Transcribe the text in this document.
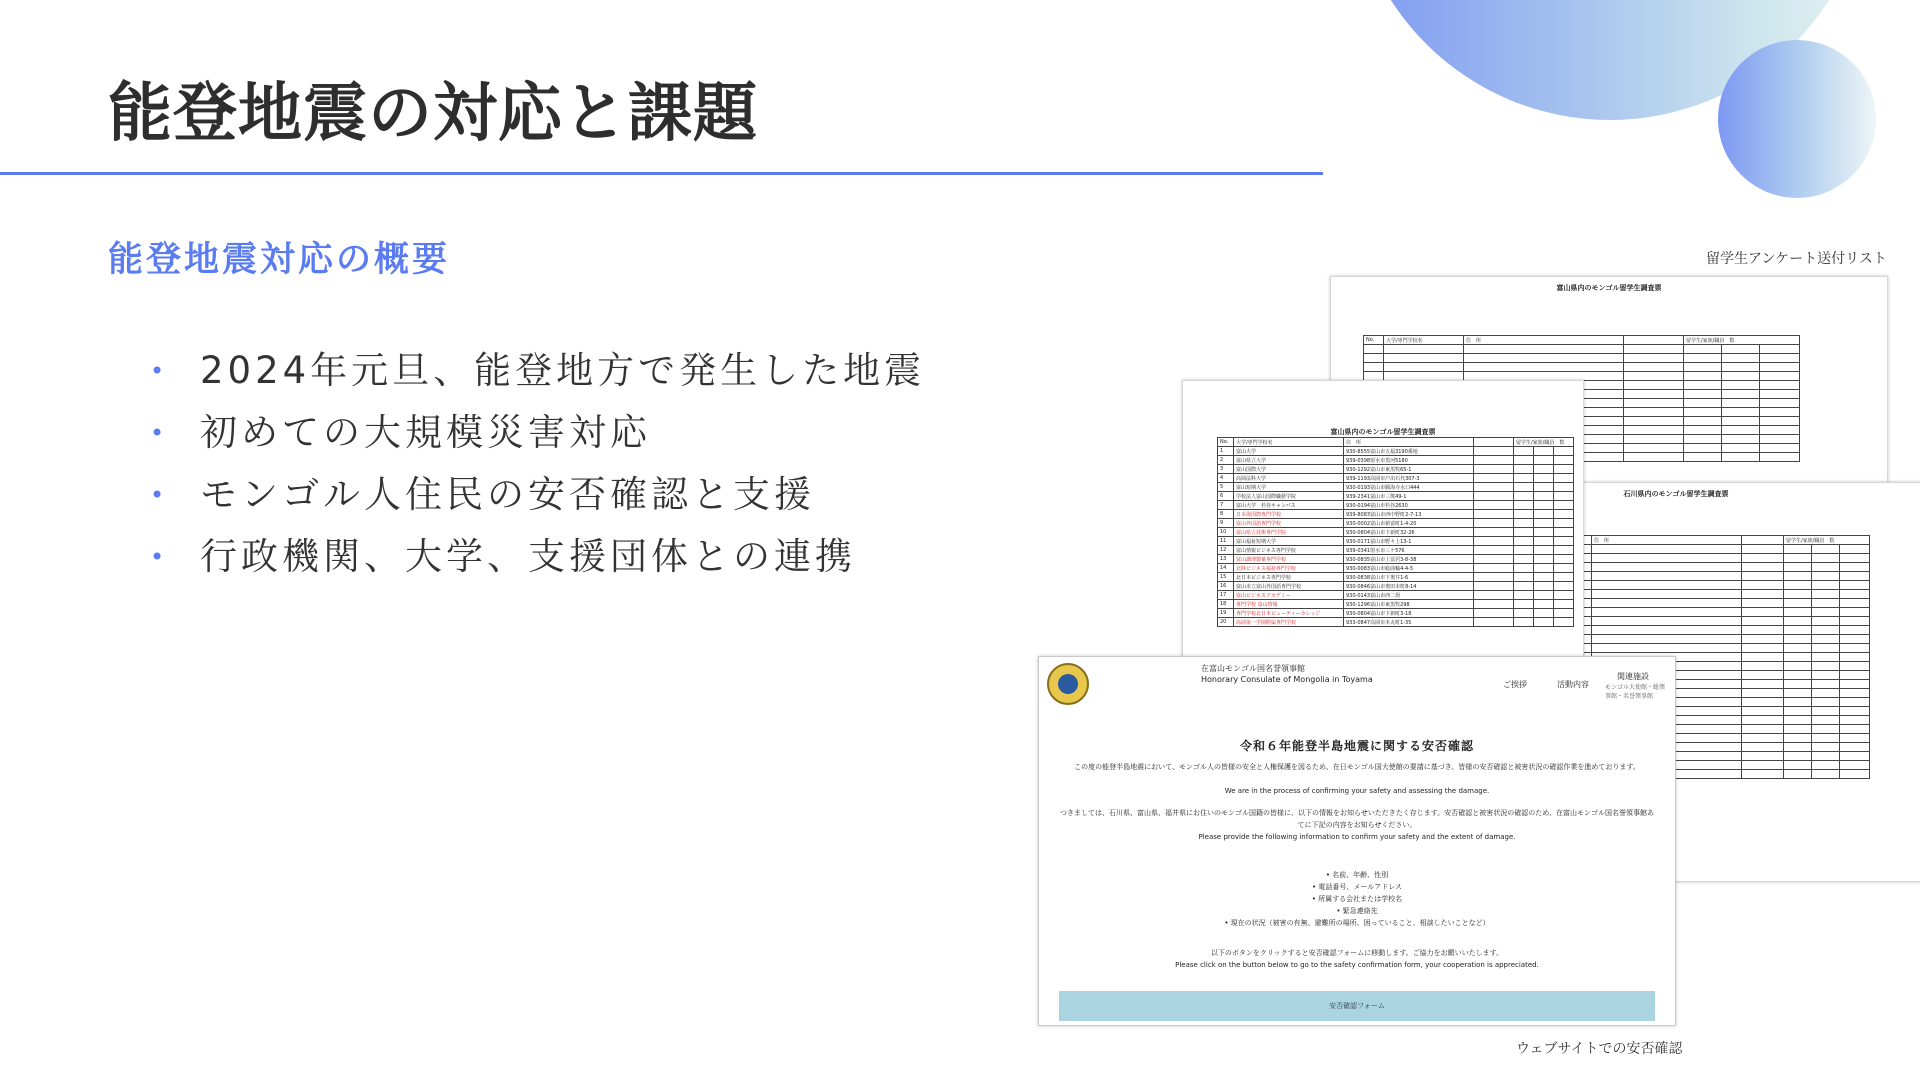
能登地震の対応と課題
能登地震対応の概要
• 2024年元旦、能登地方で発生した地震
• 初めての大規模災害対応
• モンゴル人住民の安否確認と支援
• 行政機関、大学、支援団体との連携
留学生アンケート送付リスト
富山県内のモンゴル留学生調査票
No.	大学/専門学校名	住　所		留学生/家族/職員　数		

石川県内のモンゴル留学生調査票
		住　所		留学生/家族/職員　数		

富山県内のモンゴル留学生調査票
No.	大学/専門学校名	住　所		留学生/家族/職員　数		
1	富山大学	930-8555富山市五福3190番地				
2	富山県立大学	939-0398射水市黒河5180				
3	富山国際大学	930-1292富山市東黒牧65-1				
4	高岡法科大学	939-1193高岡市戸出石代307-3				
5	富山短期大学	930-0193富山市願海寺水口444				
6	学校法人富山国際職藝学院	939-2341富山市三熊49-1				
7	富山大学　杉谷キャンパス	930-0194富山市杉谷2630				
8	日本海国際専門学校	939-8083富山市西中野町2-7-13				
9	富山外国語専門学校	930-0002富山市新富町1-4-20				
10	富山県立技術専門学院	930-0804富山市下新町32-26				
11	富山福祉短期大学	930-0171富山市野々上13-1				
12	富山情報ビジネス専門学校	939-0341射水市三ケ576				
13	富山調理製菓専門学校	930-0835富山市上冨居3-8-38				
14	北陸ビジネス福祉専門学校	930-0083富山市総曲輪4-4-5				
15	北日本ビジネス専門学校	930-0838富山市下奥井1-6				
16	富山市立富山外国語専門学校	930-0846富山市奥田本町8-14				
17	富山ビジネスアカデミー	930-0143富山市西二俣				
18	専門学校 富山情報	930-1296富山市東黒牧298				
19	専門学校北日本ビューティーカレッジ	930-0804富山市下新町3-18				
20	高岡第一学園附属専門学校	933-0847高岡市本丸町1-35				
在富山モンゴル国名誉領事館
Honorary Consulate of Mongolia in Toyama
ご挨拶	活動内容
関連施設
モンゴル大使館・総領
事館・名誉領事館
令和６年能登半島地震に関する安否確認
この度の能登半島地震において、モンゴル人の皆様の安全と人権保護を図るため、在日モンゴル国大使館の要請に基づき、皆様の安否確認と被害状況の確認作業を進めております。
We are in the process of confirming your safety and assessing the damage.
つきましては、石川県、富山県、福井県にお住いのモンゴル国籍の皆様に、以下の情報をお知らせいただきたく存じます。安否確認と被害状況の確認のため、在富山モンゴル国名誉領事館あてに下記の内容をお知らせください。
Please provide the following information to confirm your safety and the extent of damage.
• 名前、年齢、性別
• 電話番号、メールアドレス
• 所属する会社または学校名
• 緊急連絡先
• 現在の状況（被害の有無、避難所の場所、困っていること、相談したいことなど）
以下のボタンをクリックすると安否確認フォームに移動します。ご協力をお願いいたします。
Please click on the button below to go to the safety confirmation form, your cooperation is appreciated.
安否確認フォーム
ウェブサイトでの安否確認
